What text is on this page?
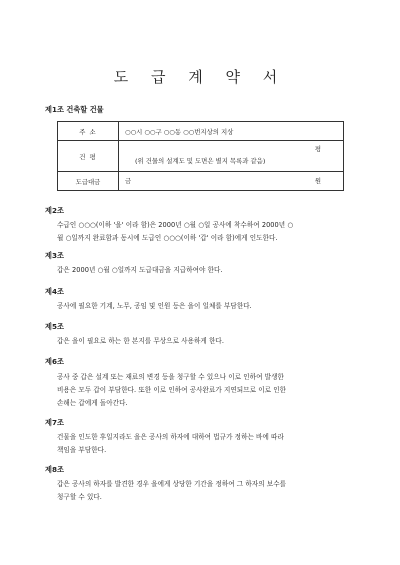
도 급 계 약 서
제1조 건축할 건물
주 소	○○시 ○○구 ○○동 ○○번지상의 지상
건 평	평
(위 건물의 설계도 및 도면은 별지 목록과 같음)

도급대금	금 원
제2조
수급인 ○○○(이하 '을' 이라 함)은 2000년 ○월 ○일 공사에 착수하여 2000년 ○
월 ○일까지 완료함과 동시에 도급인 ○○○(이하 '갑' 이라 함)에게 인도한다.
제3조
갑은 2000년 ○월 ○일까지 도급대금을 지급하여야 한다.
제4조
공사에 필요한 기계, 노무, 공임 및 인원 등은 을이 일체를 부담한다.
제5조
갑은 을이 필요로 하는 한 본지를 무상으로 사용하게 한다.
제6조
공사 중 갑은 설계 또는 재료의 변경 등을 청구할 수 있으나 이로 인하여 발생한
비용은 모두 갑이 부담한다. 또한 이로 인하여 공사완료가 지연되므로 이로 인한
손해는 갑에게 돌아간다.
제7조
건물을 인도한 후일지라도 을은 공사의 하자에 대하여 법규가 정하는 바에 따라
책임을 부담한다.
제8조
갑은 공사의 하자를 발견한 경우 을에게 상당한 기간을 정하여 그 하자의 보수를
청구할 수 있다.
